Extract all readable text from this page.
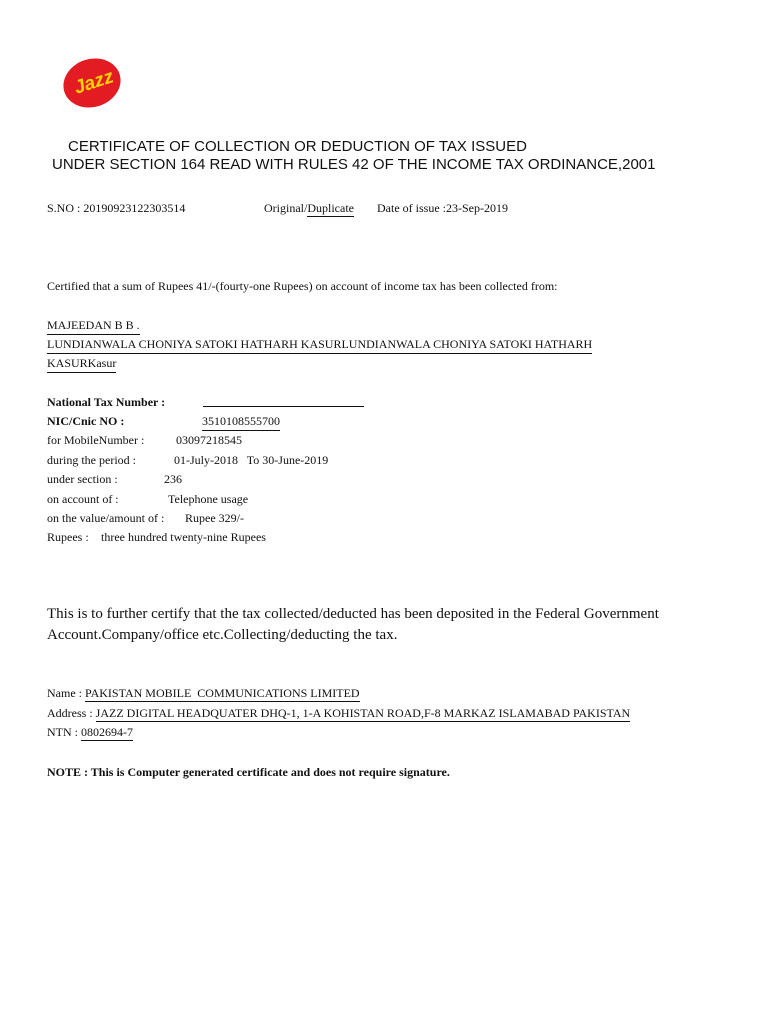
Jazz
CERTIFICATE OF COLLECTION OR DEDUCTION OF TAX ISSUED
UNDER SECTION 164 READ WITH RULES 42 OF THE INCOME TAX ORDINANCE,2001
S.NO : 20190923122303514	Original/Duplicate Date of issue :23-Sep-2019
Certified that a sum of Rupees 41/-(fourty-one Rupees) on account of income tax has been collected from:
MAJEEDAN B B .
LUNDIANWALA CHONIYA SATOKI HATHARH KASURLUNDIANWALA CHONIYA SATOKI HATHARH
KASURKasur
National Tax Number :
NIC/Cnic NO :	3510108555700
for MobileNumber :	03097218545
during the period :	01-July-2018   To 30-June-2019
under section :	236
on account of :	Telephone usage
on the value/amount of : Rupee 329/-
Rupees : three hundred twenty-nine Rupees
This is to further certify that the tax collected/deducted has been deposited in the Federal Government
Account.Company/office etc.Collecting/deducting the tax.
Name : PAKISTAN MOBILE  COMMUNICATIONS LIMITED
Address : JAZZ DIGITAL HEADQUATER DHQ-1, 1-A KOHISTAN ROAD,F-8 MARKAZ ISLAMABAD PAKISTAN
NTN : 0802694-7
NOTE : This is Computer generated certificate and does not require signature.
